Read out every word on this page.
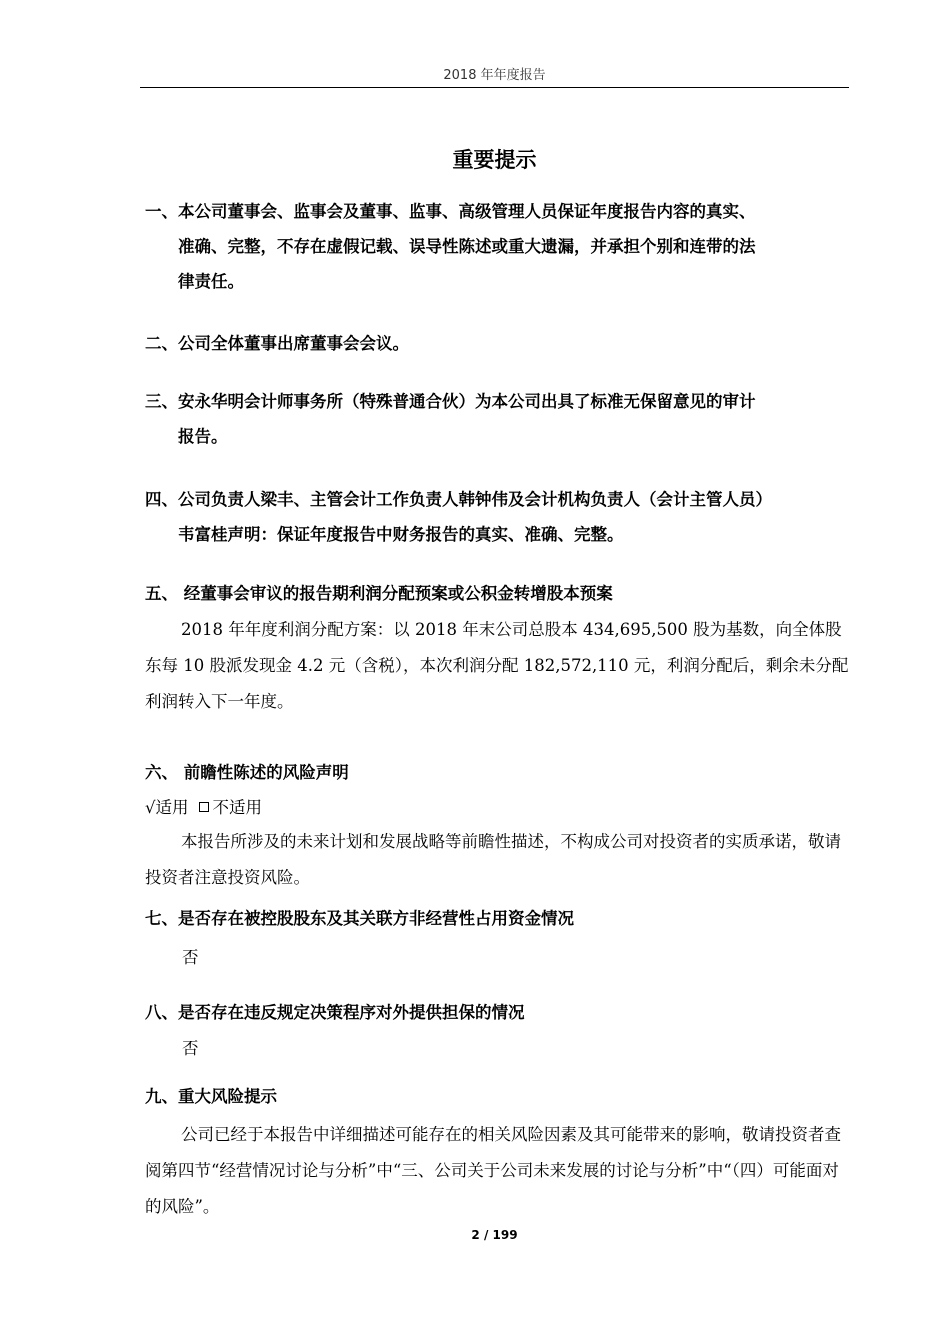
2018 年年度报告
重要提示
一、本公司董事会、监事会及董事、监事、高级管理人员保证年度报告内容的真实、
准确、完整，不存在虚假记载、误导性陈述或重大遗漏，并承担个别和连带的法
律责任。
二、公司全体董事出席董事会会议。
三、安永华明会计师事务所（特殊普通合伙）为本公司出具了标准无保留意见的审计
报告。
四、公司负责人梁丰、主管会计工作负责人韩钟伟及会计机构负责人（会计主管人员）
韦富桂声明：保证年度报告中财务报告的真实、准确、完整。
五、 经董事会审议的报告期利润分配预案或公积金转增股本预案
2018 年年度利润分配方案：以 2018 年末公司总股本 434,695,500 股为基数，向全体股东每 10 股派发现金 4.2 元（含税），本次利润分配 182,572,110 元，利润分配后，剩余未分配利润转入下一年度。
六、 前瞻性陈述的风险声明
√适用 不适用
本报告所涉及的未来计划和发展战略等前瞻性描述，不构成公司对投资者的实质承诺，敬请投资者注意投资风险。
七、是否存在被控股股东及其关联方非经营性占用资金情况
否
八、是否存在违反规定决策程序对外提供担保的情况
否
九、重大风险提示
公司已经于本报告中详细描述可能存在的相关风险因素及其可能带来的影响，敬请投资者查阅第四节“经营情况讨论与分析”中“三、公司关于公司未来发展的讨论与分析”中“（四）可能面对的风险”。
2 / 199
